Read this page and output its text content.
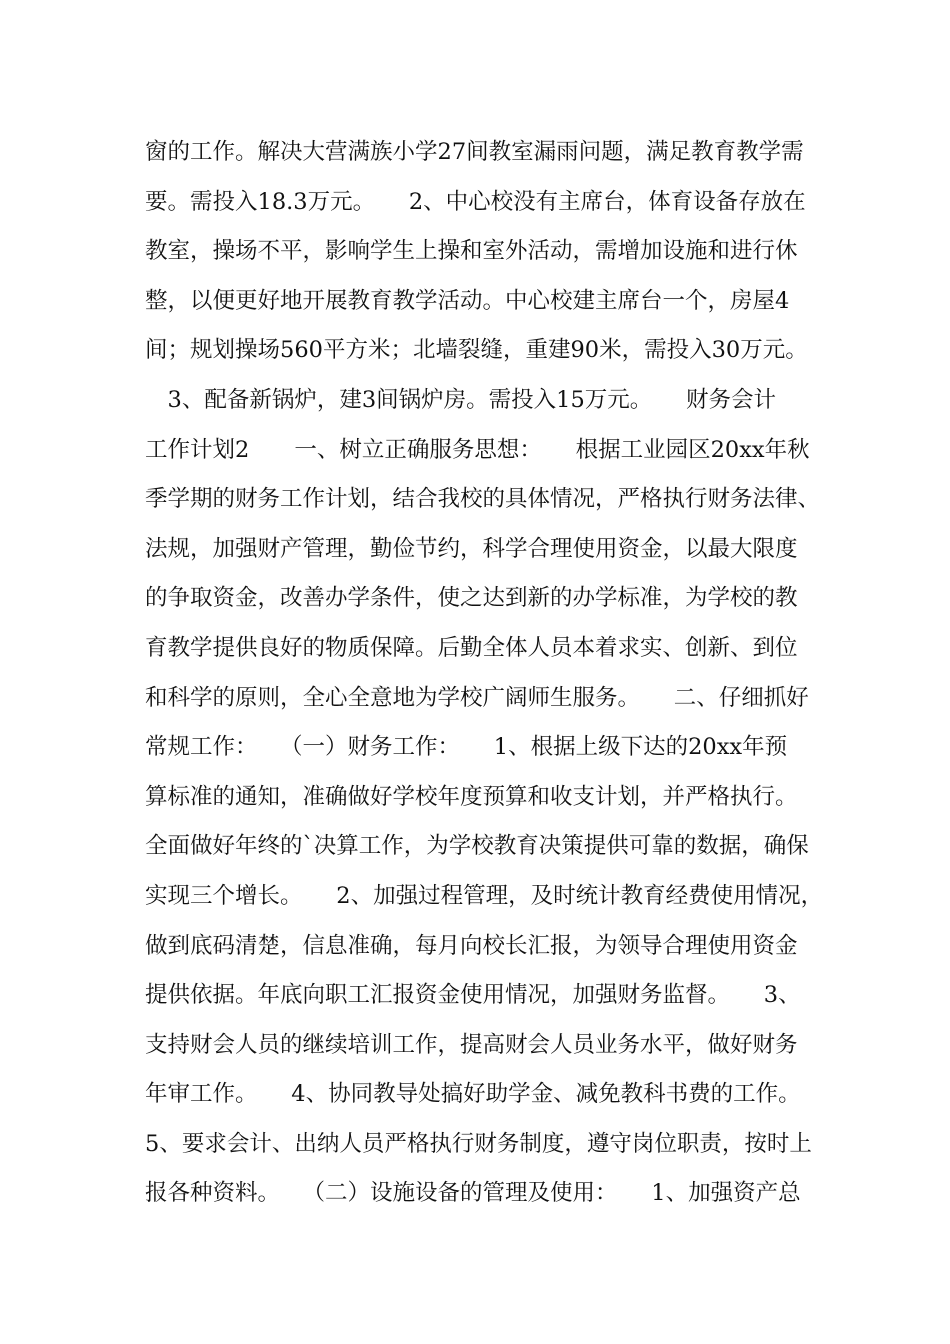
窗的工作。解决大营满族小学27间教室漏雨问题，满足教育教学需
要。需投入18.3万元。　　2、中心校没有主席台，体育设备存放在
教室，操场不平，影响学生上操和室外活动，需增加设施和进行休
整，以便更好地开展教育教学活动。中心校建主席台一个，房屋4
间；规划操场560平方米；北墙裂缝，重建90米，需投入30万元。
　3、配备新锅炉，建3间锅炉房。需投入15万元。　　财务会计
工作计划2　　一、树立正确服务思想：　　根据工业园区20xx年秋
季学期的财务工作计划，结合我校的具体情况，严格执行财务法律、
法规，加强财产管理，勤俭节约，科学合理使用资金，以最大限度
的争取资金，改善办学条件，使之达到新的办学标准，为学校的教
育教学提供良好的物质保障。后勤全体人员本着求实、创新、到位
和科学的原则，全心全意地为学校广阔师生服务。　　二、仔细抓好
常规工作：　　（一）财务工作：　　1、根据上级下达的20xx年预
算标准的通知，准确做好学校年度预算和收支计划，并严格执行。
全面做好年终的`决算工作，为学校教育决策提供可靠的数据，确保
实现三个增长。　　2、加强过程管理，及时统计教育经费使用情况，
做到底码清楚，信息准确，每月向校长汇报，为领导合理使用资金
提供依据。年底向职工汇报资金使用情况，加强财务监督。　　3、
支持财会人员的继续培训工作，提高财会人员业务水平，做好财务
年审工作。　　4、协同教导处搞好助学金、减免教科书费的工作。
5、要求会计、出纳人员严格执行财务制度，遵守岗位职责，按时上
报各种资料。　　（二）设施设备的管理及使用：　　1、加强资产总
